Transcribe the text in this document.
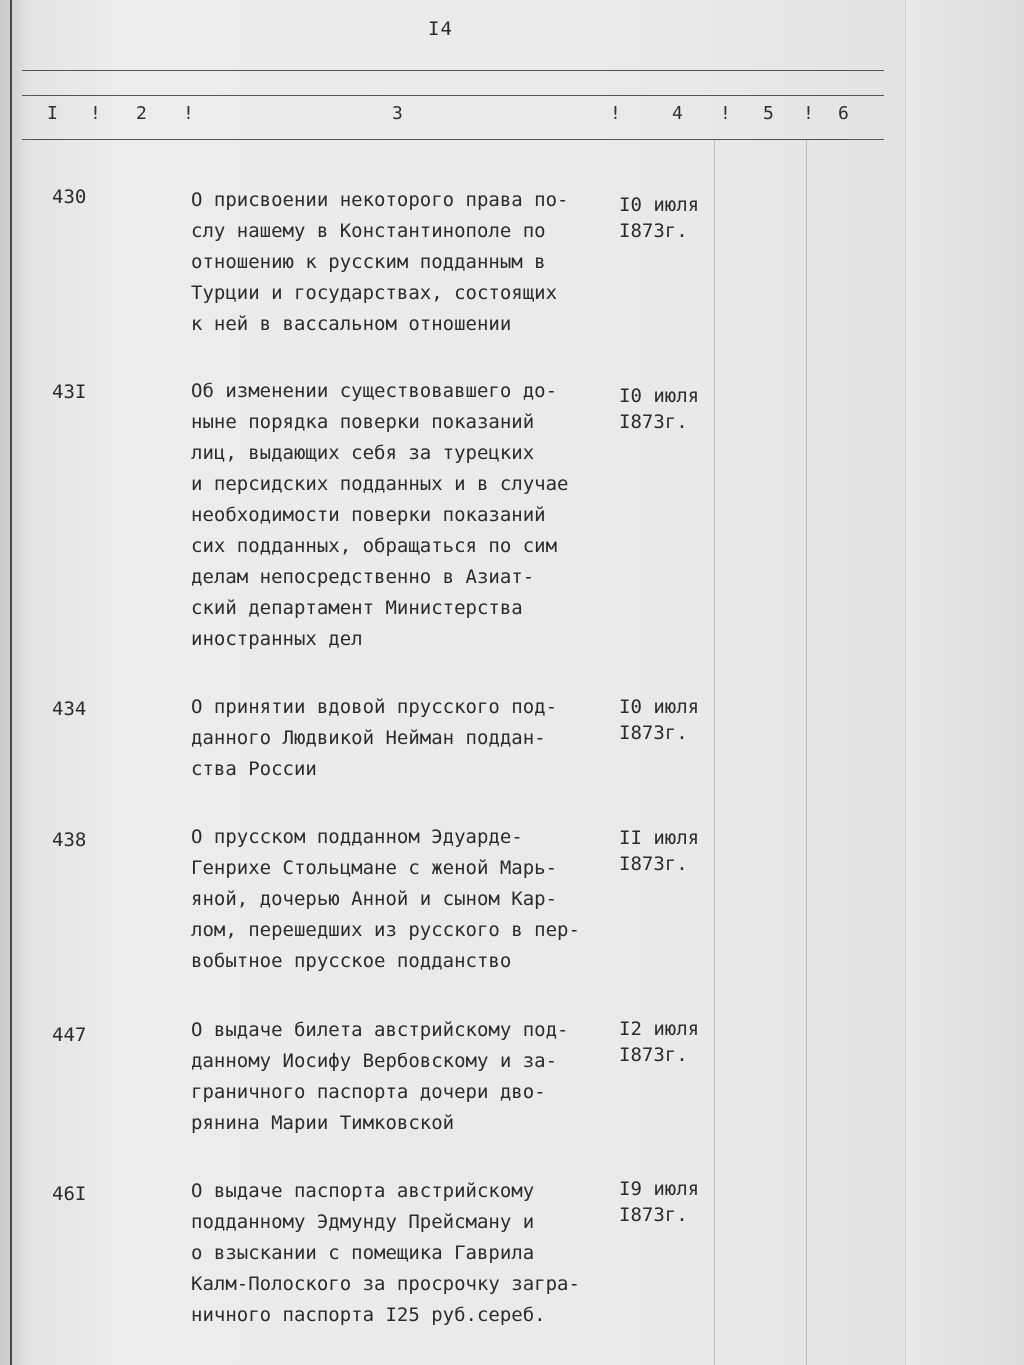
I4
I ! 2 !	3	!	4 ! 5 ! 6
430	О присвоении некоторого права по-
слу нашему в Константинополе по
отношению к русским подданным в
Турции и государствах, состоящих
к ней в вассальном отношении
I0 июля
I873г.
43I	Об изменении существовавшего до-
ныне порядка поверки показаний
лиц, выдающих себя за турецких
и персидских подданных и в случае
необходимости поверки показаний
сих подданных, обращаться по сим
делам непосредственно в Азиат-
ский департамент Министерства
иностранных дел
I0 июля
I873г.
434	О принятии вдовой прусского под-
данного Людвикой Нейман поддан-
ства России
I0 июля
I873г.
438	О прусском подданном Эдуарде-
Генрихе Стольцмане с женой Марь-
яной, дочерью Анной и сыном Кар-
лом, перешедших из русского в пер-
вобытное прусское подданство
II июля
I873г.
447	О выдаче билета австрийскому под-
данному Иосифу Вербовскому и за-
граничного паспорта дочери дво-
рянина Марии Тимковской
I2 июля
I873г.
46I	О выдаче паспорта австрийскому
подданному Эдмунду Прейсману и
о взыскании с помещика Гаврила
Калм-Полоского за просрочку загра-
ничного паспорта I25 руб.сереб.
I9 июля
I873г.
